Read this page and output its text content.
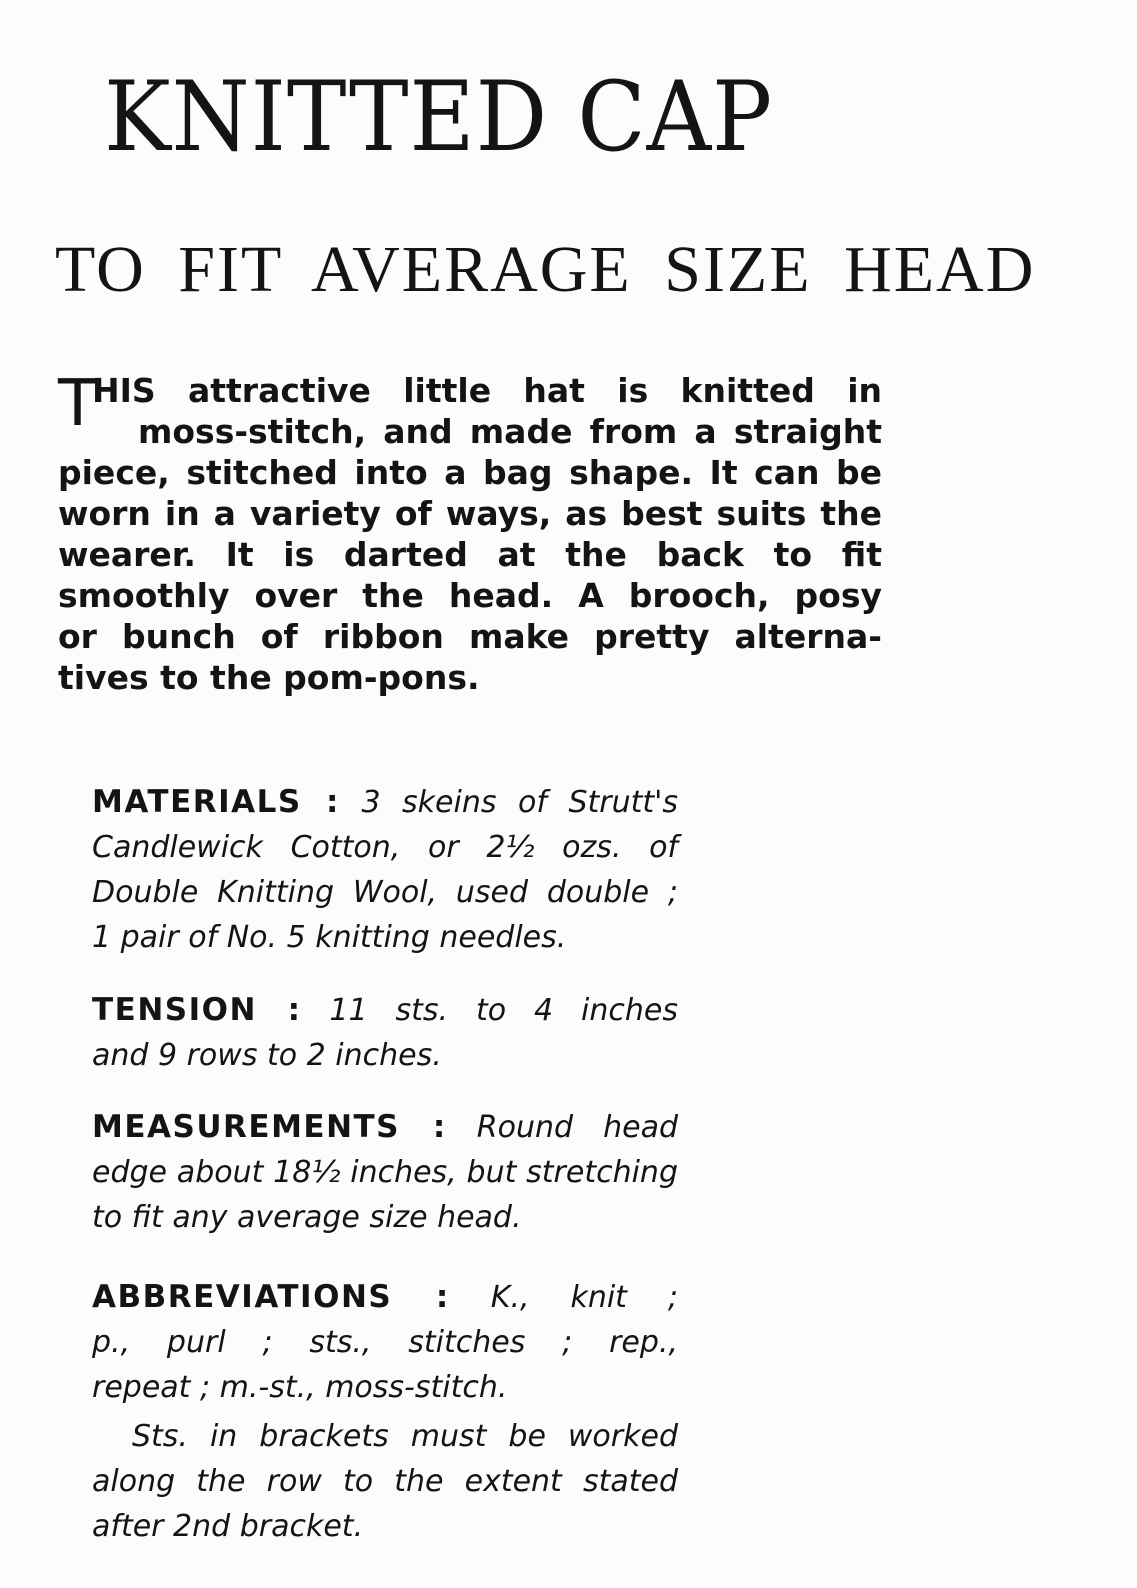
KNITTED CAP
TO FIT AVERAGE SIZE HEAD
T
HIS attractive little hat is knitted in
moss-stitch, and made from a straight
piece, stitched into a bag shape. It can be
worn in a variety of ways, as best suits the
wearer. It is darted at the back to fit
smoothly over the head. A brooch, posy
or bunch of ribbon make pretty alterna-
tives to the pom-pons.
MATERIALS : 3 skeins of Strutt's
Candlewick Cotton, or 2½ ozs. of
Double Knitting Wool, used double ;
1 pair of No. 5 knitting needles.
TENSION : 11 sts. to 4 inches
and 9 rows to 2 inches.
MEASUREMENTS : Round head
edge about 18½ inches, but stretching
to fit any average size head.
ABBREVIATIONS : K., knit ;
p., purl ; sts., stitches ; rep.,
repeat ; m.-st., moss-stitch.
Sts. in brackets must be worked
along the row to the extent stated
after 2nd bracket.
